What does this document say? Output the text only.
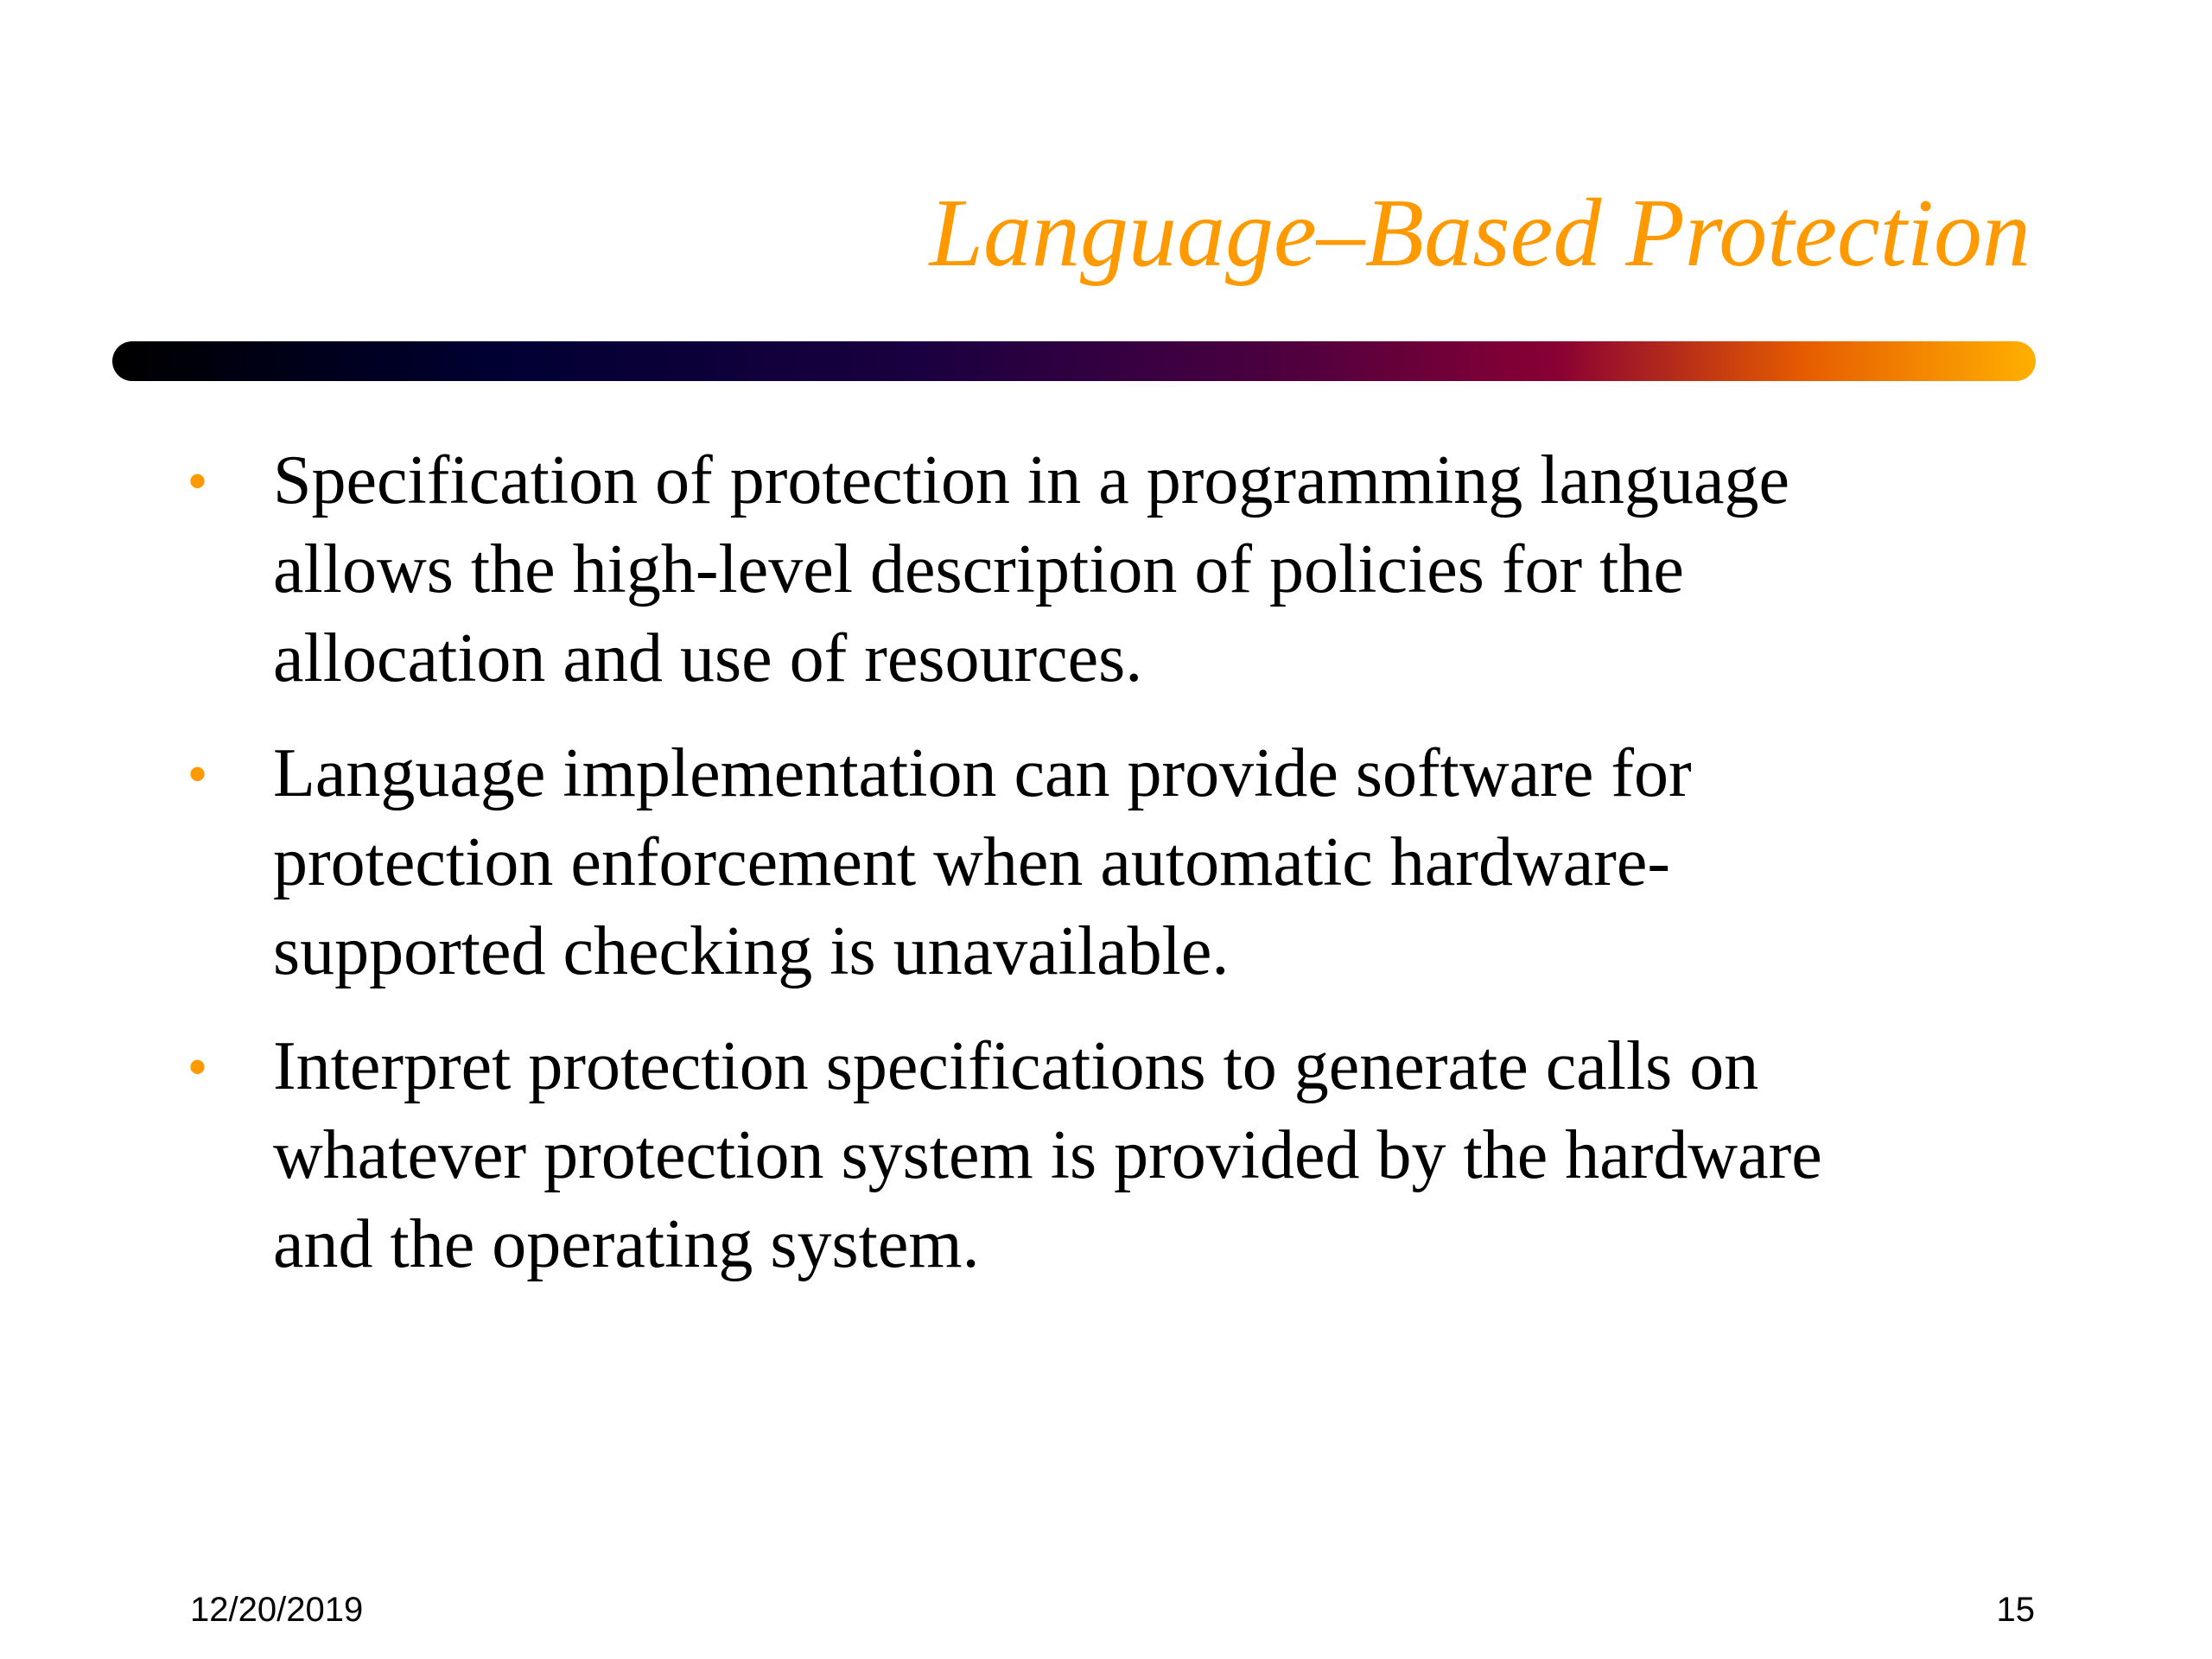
Language–Based Protection
• Specification of protection in a programming language
allows the high-level description of policies for the
allocation and use of resources.
• Language implementation can provide software for
protection enforcement when automatic hardware-
supported checking is unavailable.
• Interpret protection specifications to generate calls on
whatever protection system is provided by the hardware
and the operating system.
12/20/2019	15
